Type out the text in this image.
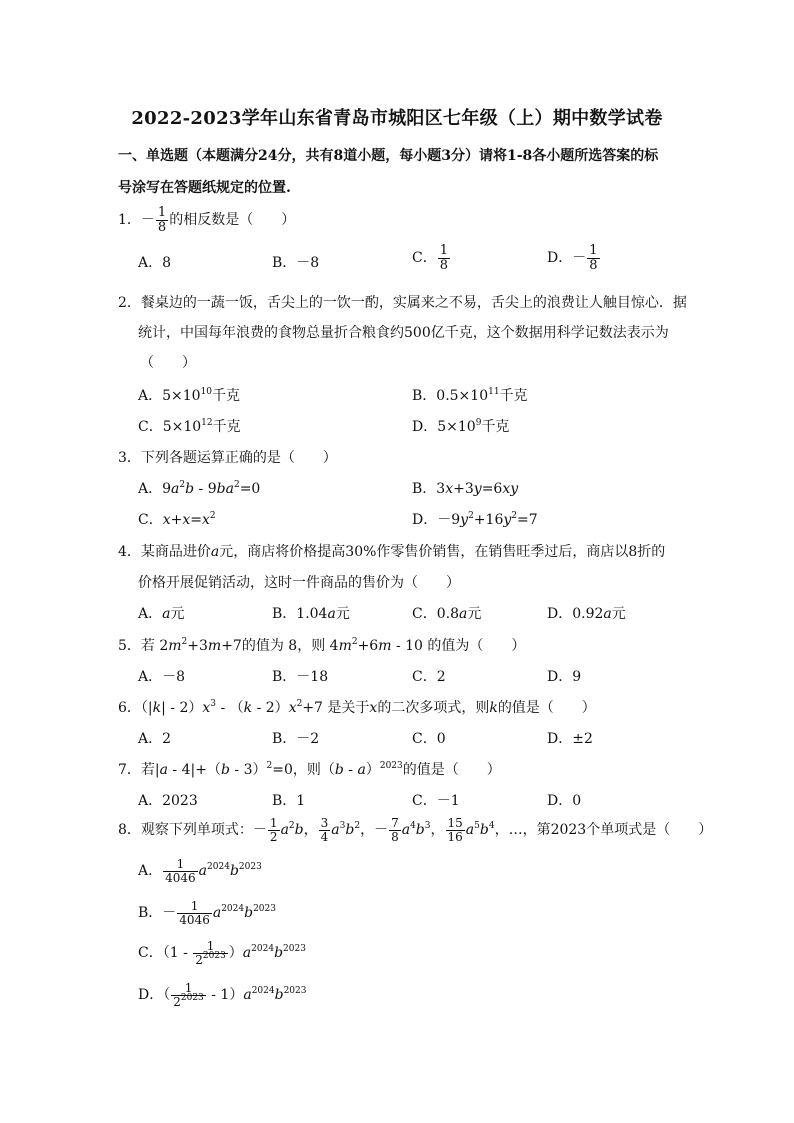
2022-2023学年山东省青岛市城阳区七年级（上）期中数学试卷
一、单选题（本题满分24分，共有8道小题，每小题3分）请将1-8各小题所选答案的标
号涂写在答题纸规定的位置.
1．－ $\frac{1}{8}$ 的相反数是（　　）
A．8	B．－8	C． $\frac{1}{8}$	D．－ $\frac{1}{8}$
2．餐桌边的一蔬一饭，舌尖上的一饮一酌，实属来之不易，舌尖上的浪费让人触目惊心．据
统计，中国每年浪费的食物总量折合粮食约500亿千克，这个数据用科学记数法表示为
（　　）
A．$5\times 10^{10}$千克	B．$0.5\times 10^{11}$千克
C．$5\times 10^{12}$千克	D．$5\times 10^9$千克
3．下列各题运算正确的是（　　）
A．$9a^2b - 9ba^2=0$	B．3x+3y=6xy
C．$x+x=x^2$	D．$-9y^2+16y^2=7$
4．某商品进价a元，商店将价格提高30%作零售价销售，在销售旺季过后，商店以8折的
价格开展促销活动，这时一件商品的售价为（　　）
A．a元	B．1.04a元	C．0.8a元	D．0.92a元
5．若 $2m^2+3m+7$的值为 8，则 $4m^2+6m - 10$ 的值为（　　）
A．－8	B．－18	C．2	D．9
6．$(|k| - 2)x^3 - (k - 2)x^2+7$ 是关于x的二次多项式，则k的值是（　　）
A．2	B．－2	C．0	D．±2
7．若|a - 4|+（b - 3）$^2$=0，则（b - a）$^{2023}$的值是（　　）
A．2023	B．1	C．－1	D．0
8．观察下列单项式：－ $\frac{1}{2} a^2b$， $\frac{3}{4} a^3b^2$，－ $\frac{7}{8} a^4b^3$， $\frac{15}{16} a^5b^4$，…，第2023个单项式是（　　）
A． $\frac{1}{4046} a^{2024}b^{2023}$
B．－ $\frac{1}{4046} a^{2024}b^{2023}$
C．$(1 - \frac{1}{2^{2023}} )a^{2024}b^{2023}$
D．（ $\frac{1}{2^{2023}} - 1)a^{2024}b^{2023}$
